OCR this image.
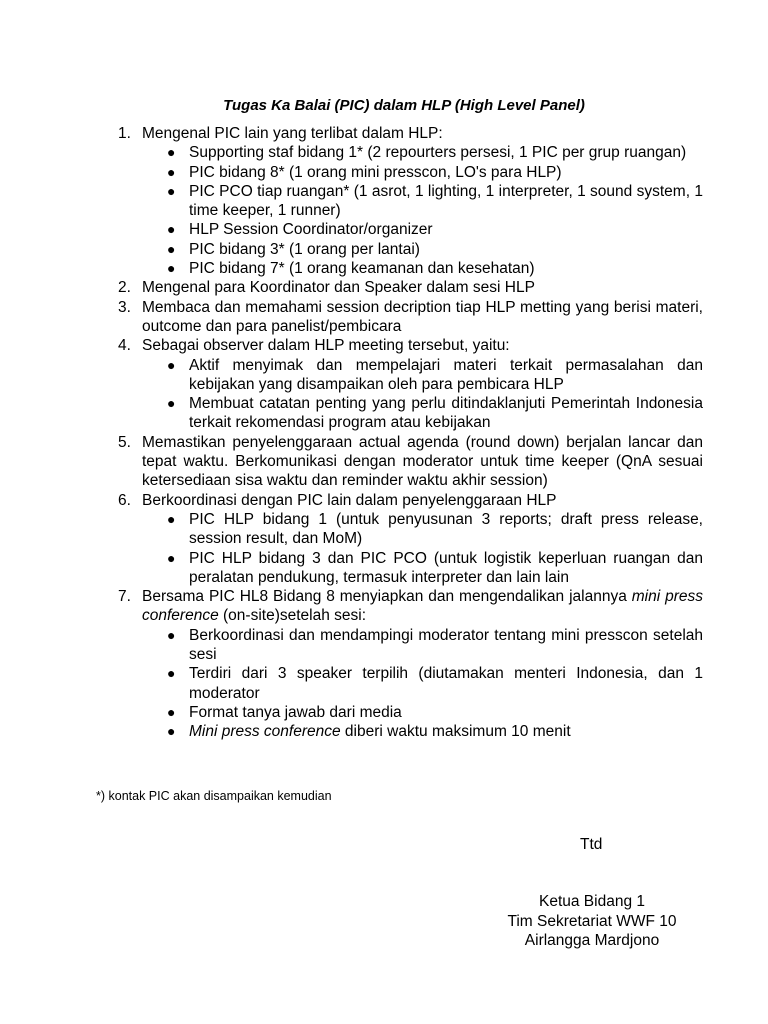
Tugas Ka Balai (PIC) dalam HLP (High Level Panel)
1. Mengenal PIC lain yang terlibat dalam HLP:
● Supporting staf bidang 1* (2 repourters persesi, 1 PIC per grup ruangan)
● PIC bidang 8* (1 orang mini presscon, LO's para HLP)
● PIC PCO tiap ruangan* (1 asrot, 1 lighting, 1 interpreter, 1 sound system, 1 time keeper, 1 runner)
● HLP Session Coordinator/organizer
● PIC bidang 3* (1 orang per lantai)
● PIC bidang 7* (1 orang keamanan dan kesehatan)
2. Mengenal para Koordinator dan Speaker dalam sesi HLP
3. Membaca dan memahami session decription tiap HLP metting yang berisi materi, outcome dan para panelist/pembicara
4. Sebagai observer dalam HLP meeting tersebut, yaitu:
● Aktif menyimak dan mempelajari materi terkait permasalahan dan kebijakan yang disampaikan oleh para pembicara HLP
● Membuat catatan penting yang perlu ditindaklanjuti Pemerintah Indonesia terkait rekomendasi program atau kebijakan
5. Memastikan penyelenggaraan actual agenda (round down) berjalan lancar dan tepat waktu. Berkomunikasi dengan moderator untuk time keeper (QnA sesuai ketersediaan sisa waktu dan reminder waktu akhir session)
6. Berkoordinasi dengan PIC lain dalam penyelenggaraan HLP
● PIC HLP bidang 1 (untuk penyusunan 3 reports; draft press release, session result, dan MoM)
● PIC HLP bidang 3 dan PIC PCO (untuk logistik keperluan ruangan dan peralatan pendukung, termasuk interpreter dan lain lain
7. Bersama PIC HL8 Bidang 8 menyiapkan dan mengendalikan jalannya mini press conference (on-site)setelah sesi:
● Berkoordinasi dan mendampingi moderator tentang mini presscon setelah sesi
● Terdiri dari 3 speaker terpilih (diutamakan menteri Indonesia, dan 1 moderator
● Format tanya jawab dari media
● Mini press conference diberi waktu maksimum 10 menit
*) kontak PIC akan disampaikan kemudian
Ttd
Ketua Bidang 1
Tim Sekretariat WWF 10
Airlangga Mardjono
